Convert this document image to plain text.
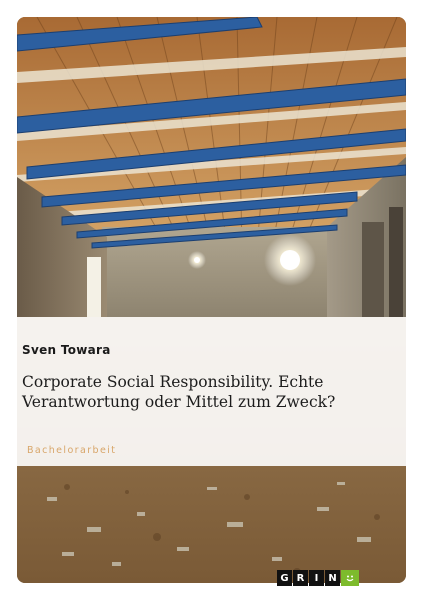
Sven Towara
Corporate Social Responsibility. Echte Verantwortung oder Mittel zum Zweck?
Bachelorarbeit
G R	I N
